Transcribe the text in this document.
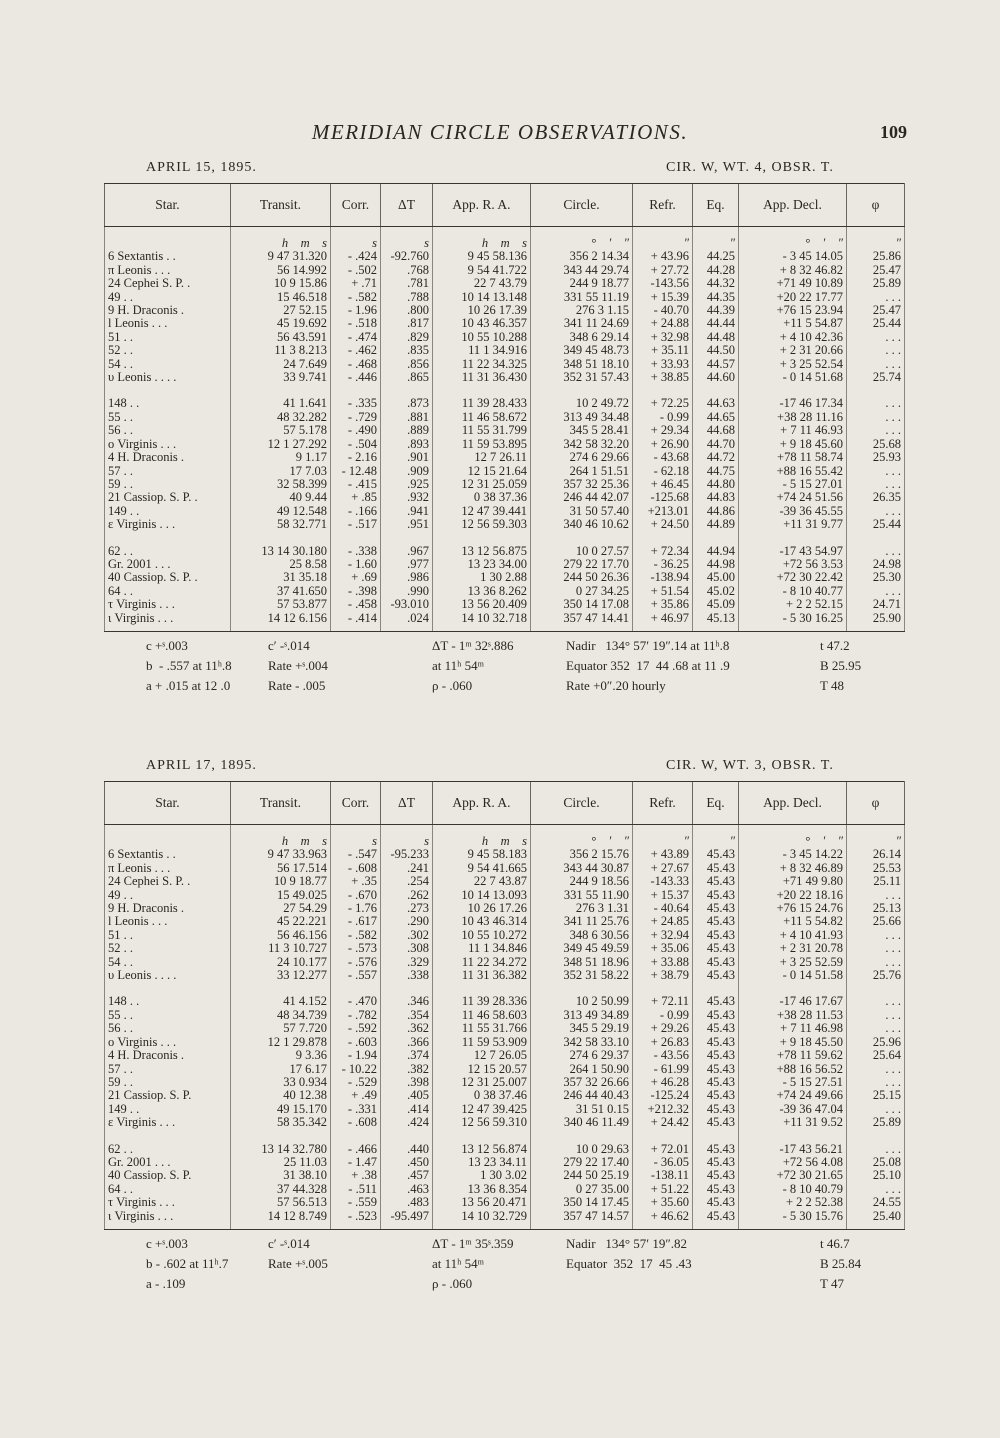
MERIDIAN CIRCLE OBSERVATIONS.	109
APRIL 15, 1895.	CIR. W, WT. 4, OBSR. T.
Star.	Transit.	Corr.	ΔT	App. R. A.	Circle.	Refr.	Eq.	App. Decl.	φ
	h    m    s	s	s	h    m    s	°    ′    ″	″	″	°    ′    ″	″
6 Sextantis . .	9 47 31.320	- .424	-92.760	9 45 58.136	356 2 14.34	+ 43.96	44.25	- 3 45 14.05	25.86
π Leonis . . .	56 14.992	- .502	.768	9 54 41.722	343 44 29.74	+ 27.72	44.28	+ 8 32 46.82	25.47
24 Cephei S. P. .	10 9 15.86	+ .71	.781	22 7 43.79	244 9 18.77	-143.56	44.32	+71 49 10.89	25.89
49 . .	15 46.518	- .582	.788	10 14 13.148	331 55 11.19	+ 15.39	44.35	+20 22 17.77	. . .
9 H. Draconis .	27 52.15	- 1.96	.800	10 26 17.39	276 3 1.15	- 40.70	44.39	+76 15 23.94	25.47
l Leonis . . .	45 19.692	- .518	.817	10 43 46.357	341 11 24.69	+ 24.88	44.44	+11 5 54.87	25.44
51 . .	56 43.591	- .474	.829	10 55 10.288	348 6 29.14	+ 32.98	44.48	+ 4 10 42.36	. . .
52 . .	11 3 8.213	- .462	.835	11 1 34.916	349 45 48.73	+ 35.11	44.50	+ 2 31 20.66	. . .
54 . .	24 7.649	- .468	.856	11 22 34.325	348 51 18.10	+ 33.93	44.57	+ 3 25 52.54	. . .
υ Leonis . . . .	33 9.741	- .446	.865	11 31 36.430	352 31 57.43	+ 38.85	44.60	- 0 14 51.68	25.74

148 . .	41 1.641	- .335	.873	11 39 28.433	10 2 49.72	+ 72.25	44.63	-17 46 17.34	. . .
55 . .	48 32.282	- .729	.881	11 46 58.672	313 49 34.48	- 0.99	44.65	+38 28 11.16	. . .
56 . .	57 5.178	- .490	.889	11 55 31.799	345 5 28.41	+ 29.34	44.68	+ 7 11 46.93	. . .
ο Virginis . . .	12 1 27.292	- .504	.893	11 59 53.895	342 58 32.20	+ 26.90	44.70	+ 9 18 45.60	25.68
4 H. Draconis .	9 1.17	- 2.16	.901	12 7 26.11	274 6 29.66	- 43.68	44.72	+78 11 58.74	25.93
57 . .	17 7.03	- 12.48	.909	12 15 21.64	264 1 51.51	- 62.18	44.75	+88 16 55.42	. . .
59 . .	32 58.399	- .415	.925	12 31 25.059	357 32 25.36	+ 46.45	44.80	- 5 15 27.01	. . .
21 Cassiop. S. P. .	40 9.44	+ .85	.932	0 38 37.36	246 44 42.07	-125.68	44.83	+74 24 51.56	26.35
149 . .	49 12.548	- .166	.941	12 47 39.441	31 50 57.40	+213.01	44.86	-39 36 45.55	. . .
ε Virginis . . .	58 32.771	- .517	.951	12 56 59.303	340 46 10.62	+ 24.50	44.89	+11 31 9.77	25.44

62 . .	13 14 30.180	- .338	.967	13 12 56.875	10 0 27.57	+ 72.34	44.94	-17 43 54.97	. . .
Gr. 2001 . . .	25 8.58	- 1.60	.977	13 23 34.00	279 22 17.70	- 36.25	44.98	+72 56 3.53	24.98
40 Cassiop. S. P. .	31 35.18	+ .69	.986	1 30 2.88	244 50 26.36	-138.94	45.00	+72 30 22.42	25.30
64 . .	37 41.650	- .398	.990	13 36 8.262	0 27 34.25	+ 51.54	45.02	- 8 10 40.77	. . .
τ Virginis . . .	57 53.877	- .458	-93.010	13 56 20.409	350 14 17.08	+ 35.86	45.09	+ 2 2 52.15	24.71
ι Virginis . . .	14 12 6.156	- .414	.024	14 10 32.718	357 47 14.41	+ 46.97	45.13	- 5 30 16.25	25.90
c +ˢ.003	c′ -ˢ.014	ΔT - 1ᵐ 32ˢ.886	Nadir   134° 57′ 19″.14 at 11ʰ.8	t 47.2
b  - .557 at 11ʰ.8	Rate +ˢ.004	at 11ʰ 54ᵐ	Equator 352  17  44 .68 at 11 .9	B 25.95
a + .015 at 12 .0	Rate - .005	ρ - .060	Rate +0″.20 hourly	T 48
APRIL 17, 1895.	CIR. W, WT. 3, OBSR. T.
Star.	Transit.	Corr.	ΔT	App. R. A.	Circle.	Refr.	Eq.	App. Decl.	φ
	h    m    s	s	s	h    m    s	°    ′    ″	″	″	°    ′    ″	″
6 Sextantis . .	9 47 33.963	- .547	-95.233	9 45 58.183	356 2 15.76	+ 43.89	45.43	- 3 45 14.22	26.14
π Leonis . . .	56 17.514	- .608	.241	9 54 41.665	343 44 30.87	+ 27.67	45.43	+ 8 32 46.89	25.53
24 Cephei S. P. .	10 9 18.77	+ .35	.254	22 7 43.87	244 9 18.56	-143.33	45.43	+71 49 9.80	25.11
49 . .	15 49.025	- .670	.262	10 14 13.093	331 55 11.90	+ 15.37	45.43	+20 22 18.16	. . .
9 H. Draconis .	27 54.29	- 1.76	.273	10 26 17.26	276 3 1.31	- 40.64	45.43	+76 15 24.76	25.13
l Leonis . . .	45 22.221	- .617	.290	10 43 46.314	341 11 25.76	+ 24.85	45.43	+11 5 54.82	25.66
51 . .	56 46.156	- .582	.302	10 55 10.272	348 6 30.56	+ 32.94	45.43	+ 4 10 41.93	. . .
52 . .	11 3 10.727	- .573	.308	11 1 34.846	349 45 49.59	+ 35.06	45.43	+ 2 31 20.78	. . .
54 . .	24 10.177	- .576	.329	11 22 34.272	348 51 18.96	+ 33.88	45.43	+ 3 25 52.59	. . .
υ Leonis . . . .	33 12.277	- .557	.338	11 31 36.382	352 31 58.22	+ 38.79	45.43	- 0 14 51.58	25.76

148 . .	41 4.152	- .470	.346	11 39 28.336	10 2 50.99	+ 72.11	45.43	-17 46 17.67	. . .
55 . .	48 34.739	- .782	.354	11 46 58.603	313 49 34.89	- 0.99	45.43	+38 28 11.53	. . .
56 . .	57 7.720	- .592	.362	11 55 31.766	345 5 29.19	+ 29.26	45.43	+ 7 11 46.98	. . .
ο Virginis . . .	12 1 29.878	- .603	.366	11 59 53.909	342 58 33.10	+ 26.83	45.43	+ 9 18 45.50	25.96
4 H. Draconis .	9 3.36	- 1.94	.374	12 7 26.05	274 6 29.37	- 43.56	45.43	+78 11 59.62	25.64
57 . .	17 6.17	- 10.22	.382	12 15 20.57	264 1 50.90	- 61.99	45.43	+88 16 56.52	. . .
59 . .	33 0.934	- .529	.398	12 31 25.007	357 32 26.66	+ 46.28	45.43	- 5 15 27.51	. . .
21 Cassiop. S. P.	40 12.38	+ .49	.405	0 38 37.46	246 44 40.43	-125.24	45.43	+74 24 49.66	25.15
149 . .	49 15.170	- .331	.414	12 47 39.425	31 51 0.15	+212.32	45.43	-39 36 47.04	. . .
ε Virginis . . .	58 35.342	- .608	.424	12 56 59.310	340 46 11.49	+ 24.42	45.43	+11 31 9.52	25.89

62 . .	13 14 32.780	- .466	.440	13 12 56.874	10 0 29.63	+ 72.01	45.43	-17 43 56.21	. . .
Gr. 2001 . . .	25 11.03	- 1.47	.450	13 23 34.11	279 22 17.40	- 36.05	45.43	+72 56 4.08	25.08
40 Cassiop. S. P.	31 38.10	+ .38	.457	1 30 3.02	244 50 25.19	-138.11	45.43	+72 30 21.65	25.10
64 . .	37 44.328	- .511	.463	13 36 8.354	0 27 35.00	+ 51.22	45.43	- 8 10 40.79	. . .
τ Virginis . . .	57 56.513	- .559	.483	13 56 20.471	350 14 17.45	+ 35.60	45.43	+ 2 2 52.38	24.55
ι Virginis . . .	14 12 8.749	- .523	-95.497	14 10 32.729	357 47 14.57	+ 46.62	45.43	- 5 30 15.76	25.40
c +ˢ.003	c′ -ˢ.014	ΔT - 1ᵐ 35ˢ.359	Nadir   134° 57′ 19″.82	t 46.7
b - .602 at 11ʰ.7	Rate +ˢ.005	at 11ʰ 54ᵐ	Equator  352  17  45 .43	B 25.84
a - .109	ρ - .060	T 47
